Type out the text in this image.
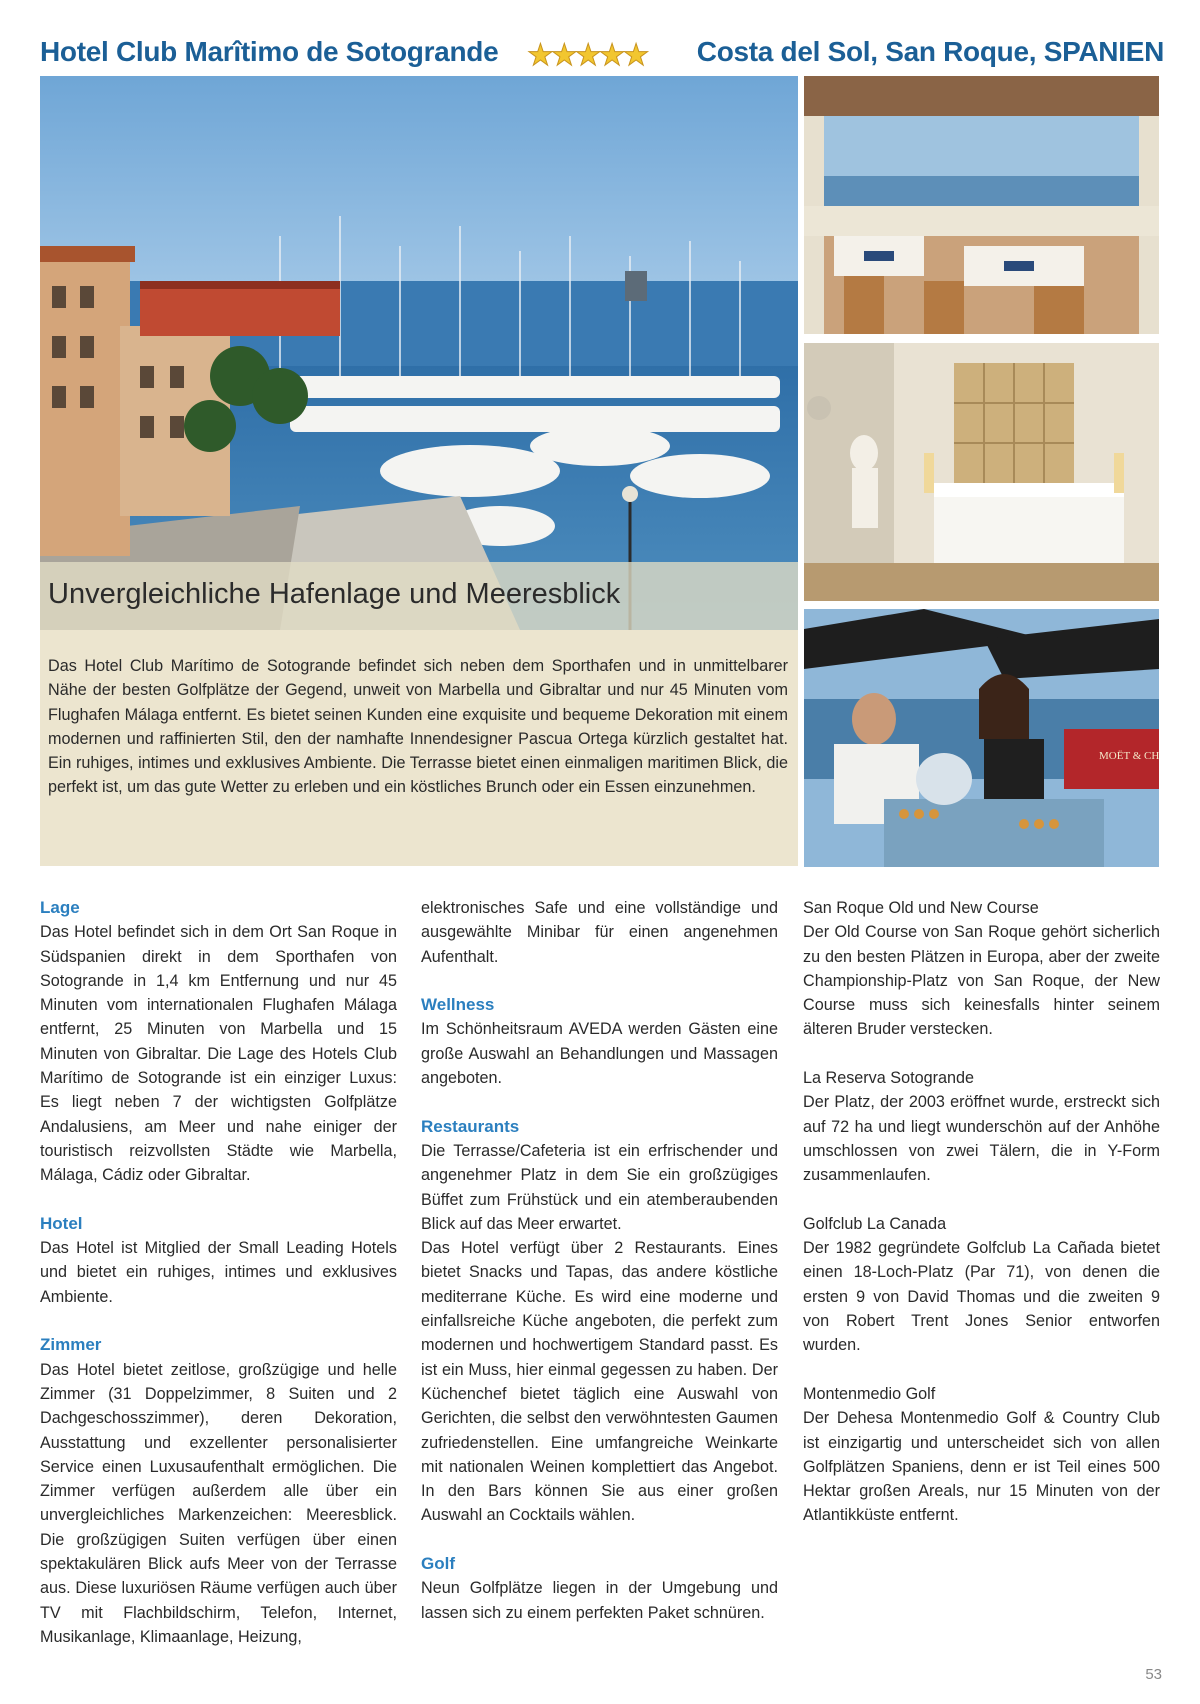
Hotel Club Marîtimo de Sotogrande ★★★★★ Costa del Sol, San Roque, SPANIEN
Unvergleichliche Hafenlage und Meeresblick

Das Hotel Club Marítimo de Sotogrande befindet sich neben dem Sporthafen und in unmittelbarer Nähe der besten Golfplätze der Gegend, unweit von Marbella und Gibraltar und nur 45 Minuten vom Flughafen Málaga entfernt. Es bietet seinen Kunden eine exquisite und bequeme Dekoration mit einem modernen und raffinierten Stil, den der namhafte Innendesigner Pascua Ortega kürzlich gestaltet hat. Ein ruhiges, intimes und exklusives Ambiente. Die Terrasse bietet einen einmaligen maritimen Blick, die perfekt ist, um das gute Wetter zu erleben und ein köstliches Brunch oder ein Essen einzunehmen.

MOËT & CH
Lage

Das Hotel befindet sich in dem Ort San Roque in Südspanien direkt in dem Sporthafen von Sotogrande in 1,4 km Entfernung und nur 45 Minuten vom internationalen Flughafen Málaga entfernt, 25 Minuten von Marbella und 15 Minuten von Gibraltar. Die Lage des Hotels Club Marítimo de Sotogrande ist ein einziger Luxus: Es liegt neben 7 der wichtigsten Golfplätze Andalusiens, am Meer und nahe einiger der touristisch reizvollsten Städte wie Marbella, Málaga, Cádiz oder Gibraltar.

Hotel

Das Hotel ist Mitglied der Small Leading Hotels und bietet ein ruhiges, intimes und exklusives Ambiente.

Zimmer

Das Hotel bietet zeitlose, großzügige und helle Zimmer (31 Doppelzimmer, 8 Suiten und 2 Dachgeschosszimmer), deren Dekoration, Ausstattung und exzellenter personalisierter Service einen Luxusaufenthalt ermöglichen. Die Zimmer verfügen außerdem alle über ein unvergleichliches Markenzeichen: Meeresblick. Die großzügigen Suiten verfügen über einen spektakulären Blick aufs Meer von der Terrasse aus. Diese luxuriösen Räume verfügen auch über TV mit Flachbildschirm, Telefon, Internet, Musikanlage, Klimaanlage, Heizung,

elektronisches Safe und eine vollständige und ausgewählte Minibar für einen angenehmen Aufenthalt.

Wellness

Im Schönheitsraum AVEDA werden Gästen eine große Auswahl an Behandlungen und Massagen angeboten.

Restaurants

Die Terrasse/Cafeteria ist ein erfrischender und angenehmer Platz in dem Sie ein großzügiges Büffet zum Frühstück und ein atemberaubenden Blick auf das Meer erwartet.

Das Hotel verfügt über 2 Restaurants. Eines bietet Snacks und Tapas, das andere köstliche mediterrane Küche. Es wird eine moderne und einfallsreiche Küche angeboten, die perfekt zum modernen und hochwertigem Standard passt. Es ist ein Muss, hier einmal gegessen zu haben. Der Küchenchef bietet täglich eine Auswahl von Gerichten, die selbst den verwöhntesten Gaumen zufriedenstellen. Eine umfangreiche Weinkarte mit nationalen Weinen komplettiert das Angebot. In den Bars können Sie aus einer großen Auswahl an Cocktails wählen.

Golf

Neun Golfplätze liegen in der Umgebung und lassen sich zu einem perfekten Paket schnüren.

San Roque Old und New Course

Der Old Course von San Roque gehört sicherlich zu den besten Plätzen in Europa, aber der zweite Championship-Platz von San Roque, der New Course muss sich keinesfalls hinter seinem älteren Bruder verstecken.

La Reserva Sotogrande

Der Platz, der 2003 eröffnet wurde, erstreckt sich auf 72 ha und liegt wunderschön auf der Anhöhe umschlossen von zwei Tälern, die in Y-Form zusammenlaufen.

Golfclub La Canada

Der 1982 gegründete Golfclub La Cañada bietet einen 18-Loch-Platz (Par 71), von denen die ersten 9 von David Thomas und die zweiten 9 von Robert Trent Jones Senior entworfen wurden.

Montenmedio Golf

Der Dehesa Montenmedio Golf & Country Club ist einzigartig und unterscheidet sich von allen Golfplätzen Spaniens, denn er ist Teil eines 500 Hektar großen Areals, nur 15 Minuten von der Atlantikküste entfernt.

53
